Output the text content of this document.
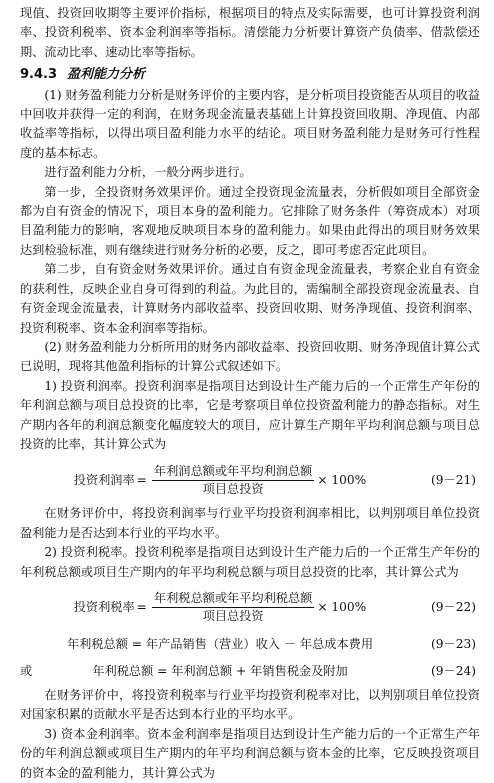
现值、投资回收期等主要评价指标，根据项目的特点及实际需要，也可计算投资利润率、投资利税率、资本金利润率等指标。清偿能力分析要计算资产负债率、借款偿还期、流动比率、速动比率等指标。

9.4.3 盈利能力分析

(1) 财务盈利能力分析是财务评价的主要内容，是分析项目投资能否从项目的收益中回收并获得一定的利润，在财务现金流量表基础上计算投资回收期、净现值、内部收益率等指标，以得出项目盈利能力水平的结论。项目财务盈利能力是财务可行性程度的基本标志。

进行盈利能力分析，一般分两步进行。

第一步，全投资财务效果评价。通过全投资现金流量表，分析假如项目全部资金都为自有资金的情况下，项目本身的盈利能力。它排除了财务条件（筹资成本）对项目盈利能力的影响，客观地反映项目本身的盈利能力。如果由此得出的项目财务效果达到检验标准，则有继续进行财务分析的必要，反之，即可考虑否定此项目。

第二步，自有资金财务效果评价。通过自有资金现金流量表，考察企业自有资金的获利性，反映企业自身可得到的利益。为此目的，需编制全部投资现金流量表、自有资金现金流量表，计算财务内部收益率、投资回收期、财务净现值、投资利润率、投资利税率、资本金利润率等指标。

(2) 财务盈利能力分析所用的财务内部收益率、投资回收期、财务净现值计算公式已说明，现将其他盈利指标的计算公式叙述如下。

1) 投资利润率。投资利润率是指项目达到设计生产能力后的一个正常生产年份的年利润总额与项目总投资的比率，它是考察项目单位投资盈利能力的静态指标。对生产期内各年的利润总额变化幅度较大的项目，应计算生产期年平均利润总额与项目总投资的比率，其计算公式为

投资利润率 = $\frac{\text{年利润总额或年平均利润总额}}{\text{项目总投资}} \times 100\%$	(9－21)

在财务评价中，将投资利润率与行业平均投资利润率相比，以判别项目单位投资盈利能力是否达到本行业的平均水平。

2) 投资利税率。投资利税率是指项目达到设计生产能力后的一个正常生产年份的年利税总额或项目生产期内的年平均利税总额与项目总投资的比率，其计算公式为

投资利税率 = $\frac{\text{年利税总额或年平均利税总额}}{\text{项目总投资}} \times 100\%$	(9－22)
年利税总额 = 年产品销售（营业）收入 － 年总成本费用	(9－23)
或	年利税总额 = 年利润总额 + 年销售税金及附加	(9－24)

在财务评价中，将投资利税率与行业平均投资利税率对比，以判别项目单位投资对国家积累的贡献水平是否达到本行业的平均水平。

3) 资本金利润率。资本金利润率是指项目达到设计生产能力后的一个正常生产年份的年利润总额或项目生产期内的年平均利润总额与资本金的比率，它反映投资项目的资本金的盈利能力，其计算公式为
